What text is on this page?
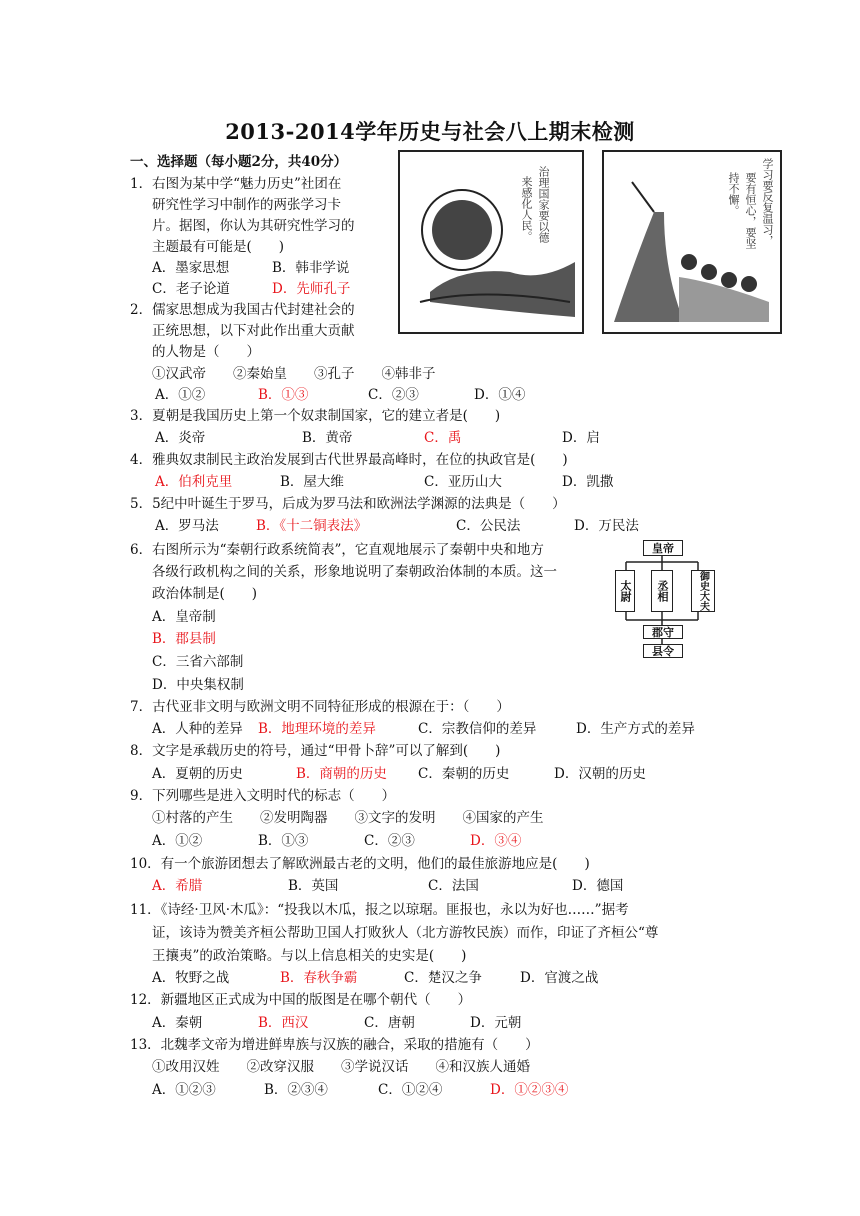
2013-2014学年历史与社会八上期末检测
一、选择题（每小题2分，共40分）
1．右图为某中学“魅力历史”社团在
研究性学习中制作的两张学习卡
片。据图，你认为其研究性学习的
主题最有可能是(　　)
A．墨家思想	B．韩非学说
C．老子论道	D．先师孔子
治理国家要以德
来感化人民。	学习要反复温习，
要有恒心，要坚
持不懈。
2．儒家思想成为我国古代封建社会的
正统思想，以下对此作出重大贡献
的人物是（　　）
①汉武帝　　②秦始皇　　③孔子　　④韩非子
A．①②	B．①③	C．②③	D．①④
3．夏朝是我国历史上第一个奴隶制国家，它的建立者是(　　)
A．炎帝	B．黄帝	C．禹	D．启
4．雅典奴隶制民主政治发展到古代世界最高峰时，在位的执政官是(　　)
A．伯利克里	B．屋大维	C．亚历山大	D．凯撒
5．5纪中叶诞生于罗马，后成为罗马法和欧洲法学渊源的法典是（　　）
A．罗马法	B．《十二铜表法》	C．公民法	D．万民法
6．右图所示为“秦朝行政系统简表”，它直观地展示了秦朝中央和地方
各级行政机构之间的关系，形象地说明了秦朝政治体制的本质。这一
政治体制是(　　)
A．皇帝制
B．郡县制
C．三省六部制
D．中央集权制
皇帝
太尉	丞相	御史大夫
郡守
县令
7．古代亚非文明与欧洲文明不同特征形成的根源在于：（　　）
A．人种的差异 B．地理环境的差异	C．宗教信仰的差异	D．生产方式的差异
8．文字是承载历史的符号，通过“甲骨卜辞”可以了解到(　　)
A．夏朝的历史	B．商朝的历史 C．秦朝的历史	D．汉朝的历史
9．下列哪些是进入文明时代的标志（　　）
①村落的产生　　②发明陶器　　③文字的发明　　④国家的产生
A．①②	B．①③	C．②③	D．③④
10．有一个旅游团想去了解欧洲最古老的文明，他们的最佳旅游地应是(　　)
A．希腊	B．英国	C．法国	D．德国
11．《诗经·卫风·木瓜》：“投我以木瓜，报之以琼琚。匪报也，永以为好也……”据考
证，该诗为赞美齐桓公帮助卫国人打败狄人（北方游牧民族）而作，印证了齐桓公“尊
王攘夷”的政治策略。与以上信息相关的史实是(　　)
A．牧野之战	B．春秋争霸	C．楚汉之争	D．官渡之战
12．新疆地区正式成为中国的版图是在哪个朝代（　　）
A．秦朝	B．西汉	C．唐朝	D．元朝
13．北魏孝文帝为增进鲜卑族与汉族的融合，采取的措施有（　　）
①改用汉姓　　②改穿汉服　　③学说汉话　　④和汉族人通婚
A．①②③	B．②③④	C．①②④	D．①②③④
